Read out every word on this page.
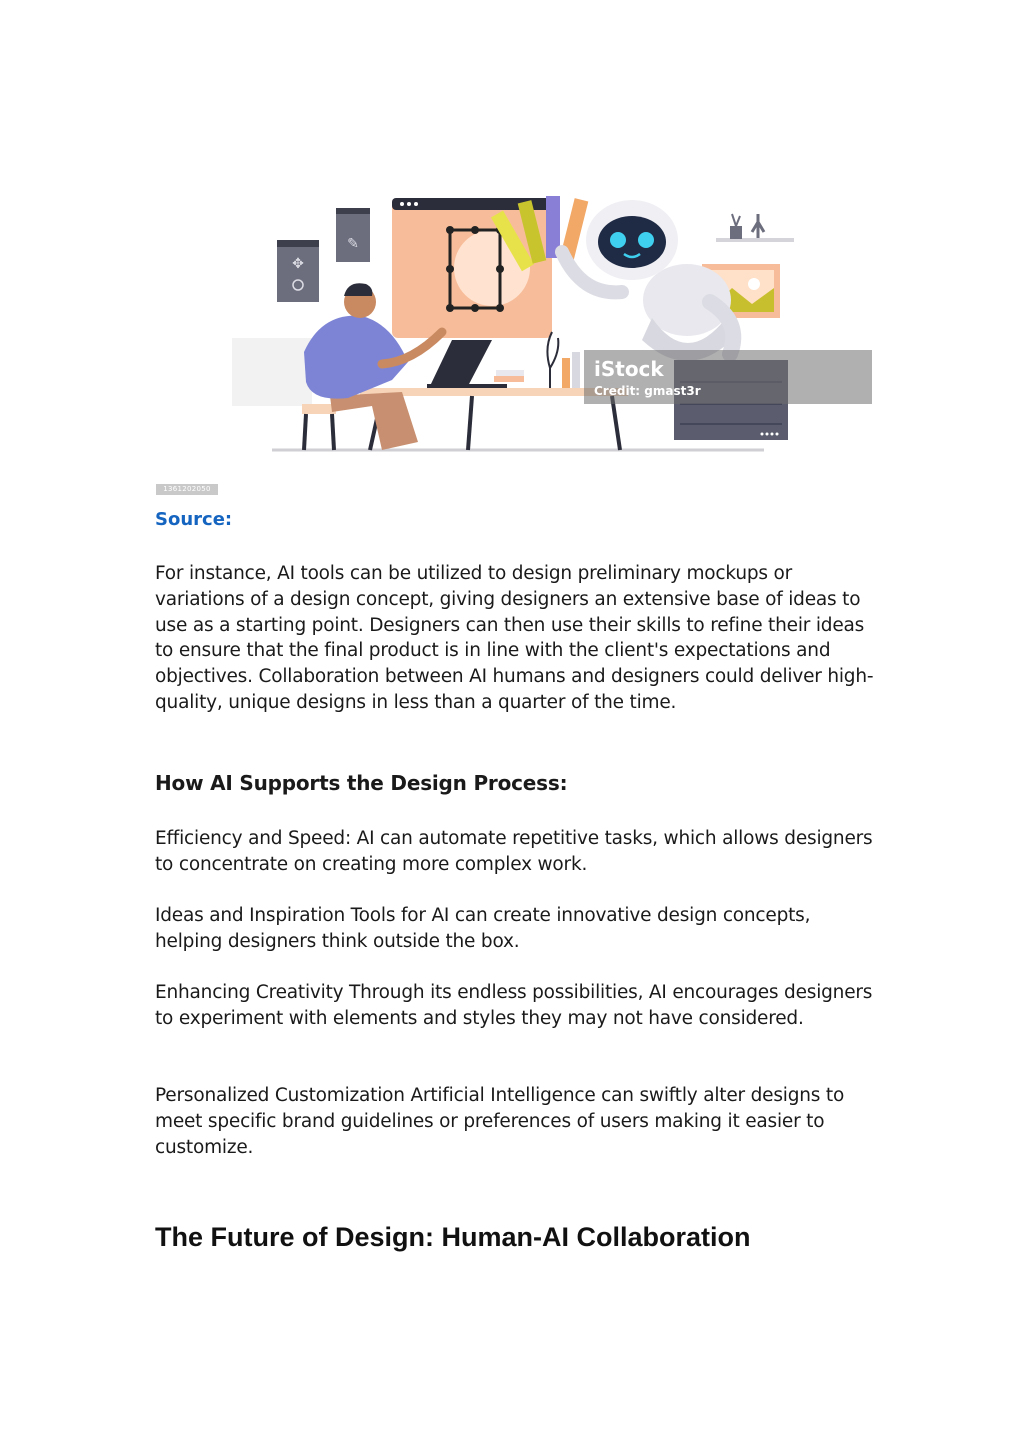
✥
✎
iStock
Credit: gmast3r
1361202050
Source:

For instance, AI tools can be utilized to design preliminary mockups or variations of a design concept, giving designers an extensive base of ideas to use as a starting point. Designers can then use their skills to refine their ideas to ensure that the final product is in line with the client's expectations and objectives. Collaboration between AI humans and designers could deliver high-quality, unique designs in less than a quarter of the time.

How AI Supports the Design Process:

Efficiency and Speed: AI can automate repetitive tasks, which allows designers to concentrate on creating more complex work.

Ideas and Inspiration Tools for AI can create innovative design concepts, helping designers think outside the box.

Enhancing Creativity Through its endless possibilities, AI encourages designers to experiment with elements and styles they may not have considered.

Personalized Customization Artificial Intelligence can swiftly alter designs to meet specific brand guidelines or preferences of users making it easier to customize.

The Future of Design: Human-AI Collaboration
